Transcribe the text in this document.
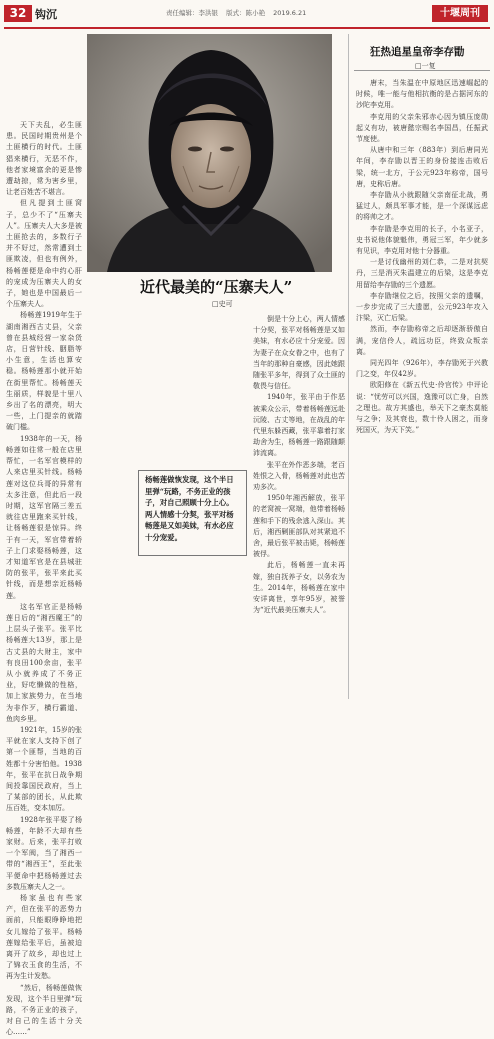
32 钩沉	责任编辑：李洪银 版式：陈小艳 2019.6.21	十堰周刊

天下夫乱，必生匪患。民国时期贵州是个土匪横行的时代。土匪猖来横行，无恶不作，他者家境富余的更是惨遭劫掠，常为害乡里，让老百姓苦不堪言。

但凡提到土匪窝子，总少不了“压寨夫人”。压寨夫人大多是被土匪抢去的，多数行子并不好过，然常遭到土匪欺凌，但也有例外，杨畅莲便是命中约心肝的宠成为压寨夫人的女子，她也是中国最后一个压寨夫人。

杨畅莲1919年生于湖南湘西古丈县，父亲曾在县城经营一家杂货店，日营针线、胭脂等小生意，生活也算安稳。杨畅莲那小就开始在街里帮忙。杨畅莲天生丽质，样貌是十里八乡出了名的漂亮，明大一些，上门提亲的就踏破门槛。

1938年的一天，杨畅莲如往常一般在店里帮忙，一名军官模样的人来店里买针线。杨畅莲对这位兵哥的异常有太多注意，但此后一段时期，这军官隔三差五就往店里跑来买针线，让杨畅莲很是惊异。终于有一天，军官带着轿子上门求娶杨畅莲，这才知道军官是在县城驻防的张平，张平来此买针线，而是想亲近杨畅莲。

这名军官正是杨畅莲日后的“湘西魔王”的上层头子张平。张平比杨畅莲大13岁，那上是古丈县的大财主，家中有良田100余亩，张平从小就养成了不务正业，好吃懒做的性格，加上家族势力，在当地为非作歹，横行霸道、鱼肉乡里。

1921年，15岁的张平就在家人支持下创了第一个匪帮，当地的百姓都十分害怕他。1938年，张平在抗日战争期间投靠国民政府，当上了某部的团长，从此欺压百姓，变本加厉。

1928年张平娶了杨畅莲，年龄不大却有些家财。后来，张平打败一个军阀，当了湘西一带的“湘西王”，至此张平便命中把杨畅莲过去多数压寨夫人之一。

杨家虽也有些家产，但在张平的恶势力面前，只能眼睁睁地把女儿嫁给了张平。杨畅莲嫁给张平后，虽被迫离开了故乡，却也过上了锦衣玉食的生活，不再为生计发愁。

“然后，杨畅莲做恢发现，这个半日里弹“玩路，不务正业的孩子，对自己的生活十分关心……”

近代最美的“压寨夫人”
□史可

倒是十分上心，两人情感十分契，张平对杨畅莲是又如美妹，有水必应十分宠爱。因为妻子在众女眷之中，也有了当年的那种自豪感，因此她跟随张平多年，得到了众土匪的敬畏与信任。

1940年，张平由于作恶被乘众公示，带着杨畅莲远赴沅陵、古丈等地，在战乱的年代里东躲西藏，张平靠着打家劫舍为生，杨畅莲一路跟随颠沛流离。

张平在外作恶多端，老百姓恨之入骨，杨畅莲对此也苦劝多次。

1950年湘西解放，张平的老窝被一窝端，他带着杨畅莲和手下的残余逃入深山。其后，湘西剿匪部队对其紧追不舍，最后张平被击毙，杨畅莲被俘。

此后，杨畅莲一直未再嫁，独自抚养子女，以务农为生。2014年，杨畅莲在家中安详离世，享年95岁，被誉为“近代最美压寨夫人”。

杨畅莲做恢发现，这个半日里弹“玩路，不务正业的孩子，对自己照顾十分上心。两人情感十分契，张平对杨畅莲是又如美妹，有水必应十分宠爱。
狂热追星皇帝李存勖
□一复

唐末，当朱温在中原地区迅速崛起的时候，唯一能与他相抗衡的是占据河东的沙陀李克用。

李克用的父亲朱邪赤心因为镇压庞勋起义有功，被唐懿宗赐名李国昌，任振武节度使。

从唐中和三年（883年）到后唐同光年间，李存勖以晋王的身份接连击败后梁，统一北方，于公元923年称帝，国号唐，史称后唐。

李存勖从小就跟随父亲南征北战，勇猛过人，颇具军事才能，是一个深谋远虑的将帅之才。

李存勖是李克用的长子，小名亚子，史书说他体貌魁伟，勇冠三军，年少就多有见识，李克用对他十分器重。

一是讨伐幽州的刘仁恭，二是对抗契丹，三是消灭朱温建立的后梁，这是李克用留给李存勖的三个遗愿。

李存勖继位之后，按照父亲的遗嘱，一步步完成了三大遗愿，公元923年攻入汴梁，灭亡后梁。

然而，李存勖称帝之后却逐渐骄傲自满，宠信伶人，疏远功臣，终致众叛亲离。

同光四年（926年），李存勖死于兴教门之变，年仅42岁。

欧阳修在《新五代史·伶官传》中评论说：“忧劳可以兴国，逸豫可以亡身，自然之理也。故方其盛也，举天下之豪杰莫能与之争；及其衰也，数十伶人困之，而身死国灭，为天下笑。”
